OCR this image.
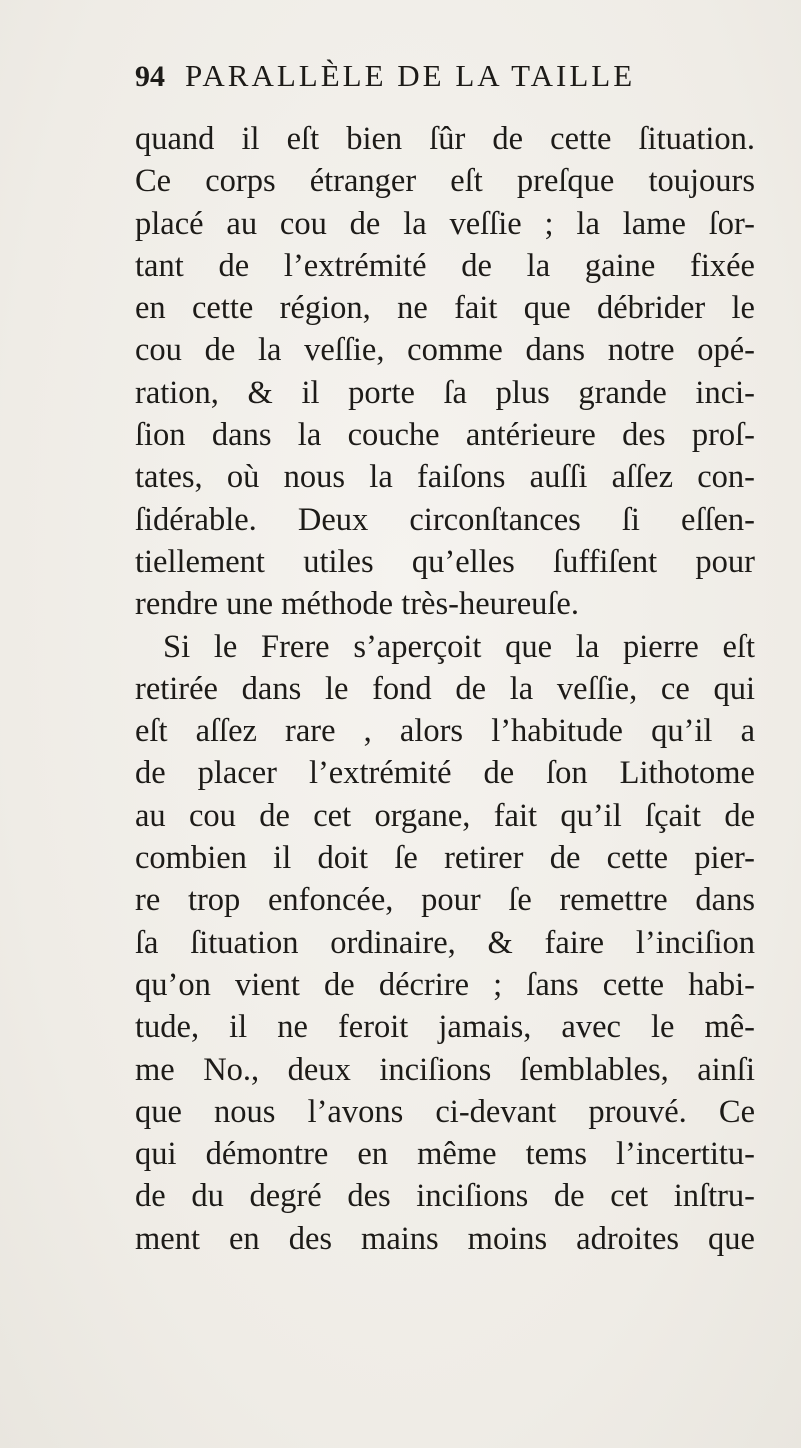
94 PARALLÈLE DE LA TAILLE
quand il eſt bien ſûr de cette ſituation.
Ce corps étranger eſt preſque toujours
placé au cou de la veſſie ; la lame ſor-
tant de l’extrémité de la gaine fixée
en cette région, ne fait que débrider le
cou de la veſſie, comme dans notre opé-
ration, & il porte ſa plus grande inci-
ſion dans la couche antérieure des proſ-
tates, où nous la faiſons auſſi aſſez con-
ſidérable. Deux circonſtances ſi eſſen-
tiellement utiles qu’elles ſuffiſent pour
rendre une méthode très-heureuſe.
Si le Frere s’aperçoit que la pierre eſt
retirée dans le fond de la veſſie, ce qui
eſt aſſez rare , alors l’habitude qu’il a
de placer l’extrémité de ſon Lithotome
au cou de cet organe, fait qu’il ſçait de
combien il doit ſe retirer de cette pier-
re trop enfoncée, pour ſe remettre dans
ſa ſituation ordinaire, & faire l’inciſion
qu’on vient de décrire ; ſans cette habi-
tude, il ne feroit jamais, avec le mê-
me No., deux inciſions ſemblables, ainſi
que nous l’avons ci-devant prouvé. Ce
qui démontre en même tems l’incertitu-
de du degré des inciſions de cet inſtru-
ment en des mains moins adroites que
